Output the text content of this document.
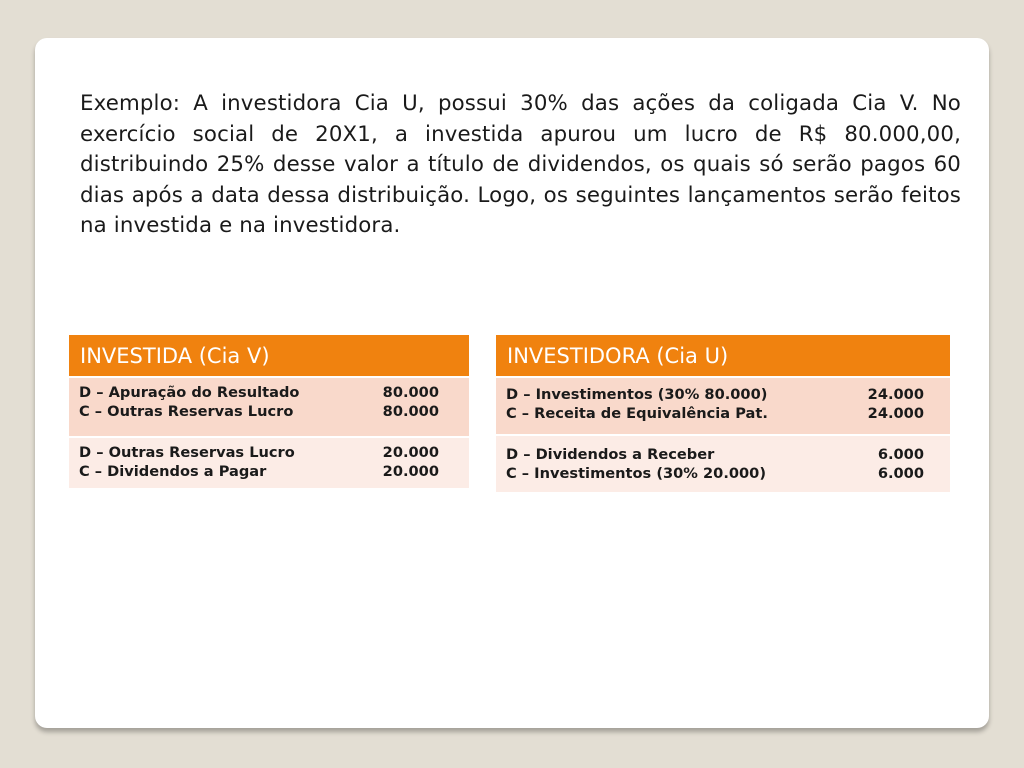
Exemplo: A investidora Cia U, possui 30% das ações da coligada Cia V. No exercício social de 20X1, a investida apurou um lucro de R$ 80.000,00, distribuindo 25% desse valor a título de dividendos, os quais só serão pagos 60 dias após a data dessa distribuição. Logo, os seguintes lançamentos serão feitos na investida e na investidora.

INVESTIDA (Cia V)
D – Apuração do Resultado	80.000
C – Outras Reservas Lucro	80.000
D – Outras Reservas Lucro	20.000
C – Dividendos a Pagar	20.000
INVESTIDORA (Cia U)
D – Investimentos (30% 80.000)	24.000
C – Receita de Equivalência Pat.	24.000
D – Dividendos a Receber	6.000
C – Investimentos (30% 20.000)	6.000
